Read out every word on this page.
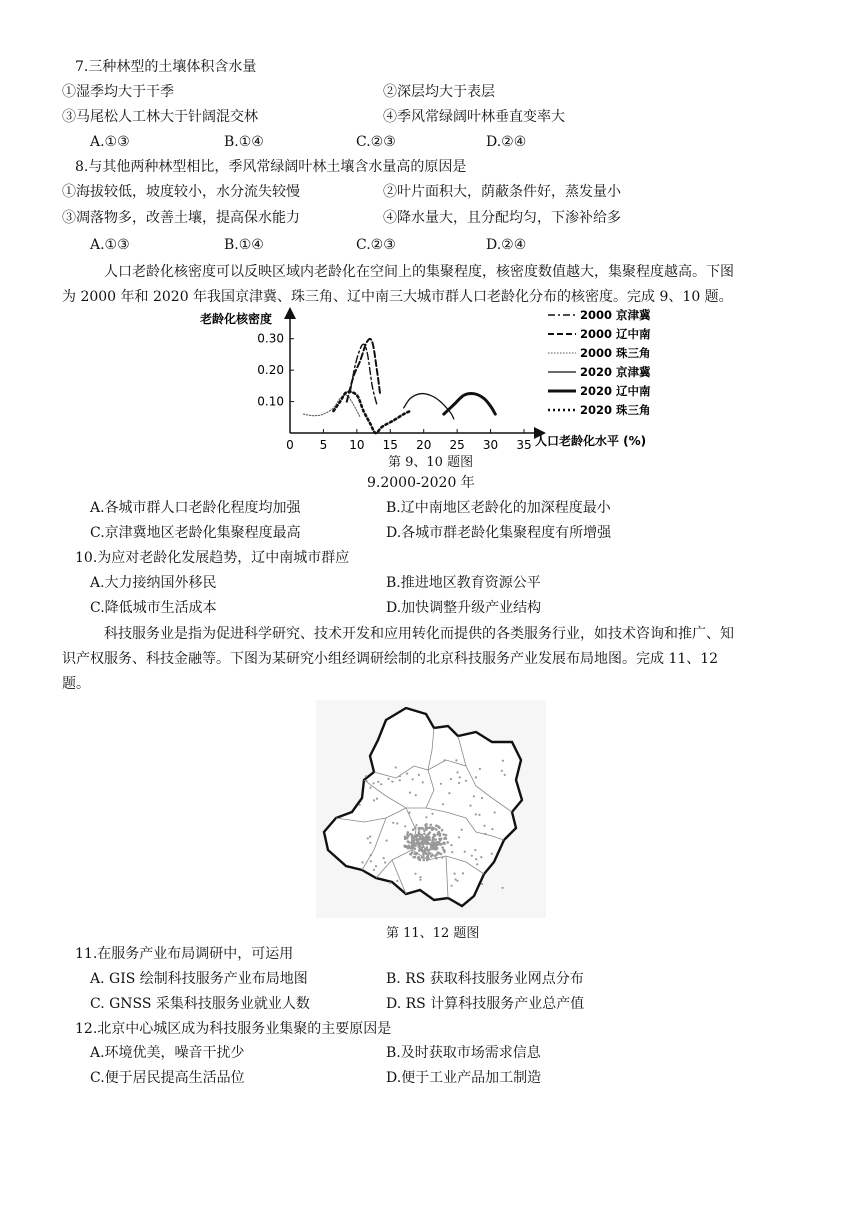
7.三种林型的土壤体积含水量
①湿季均大于干季	②深层均大于表层
③马尾松人工林大于针阔混交林	④季风常绿阔叶林垂直变率大
A.①③	B.①④	C.②③	D.②④
8.与其他两种林型相比，季风常绿阔叶林土壤含水量高的原因是
①海拔较低，坡度较小，水分流失较慢	②叶片面积大，荫蔽条件好，蒸发量小
③凋落物多，改善土壤，提高保水能力	④降水量大，且分配均匀，下渗补给多
A.①③	B.①④	C.②③	D.②④
人口老龄化核密度可以反映区域内老龄化在空间上的集聚程度，核密度数值越大，集聚程度越高。下图
为 2000 年和 2020 年我国京津冀、珠三角、辽中南三大城市群人口老龄化分布的核密度。完成 9、10 题。
0 5 10 15 20 25 30 35
0.10
0.20
0.30
2000 京津冀
2000 辽中南
2000 珠三角
2020 京津冀
2020 辽中南
2020 珠三角
老龄化核密度
人口老龄化水平 (%)
第 9、10 题图
9.2000-2020 年
A.各城市群人口老龄化程度均加强	B.辽中南地区老龄化的加深程度最小
C.京津冀地区老龄化集聚程度最高	D.各城市群老龄化集聚程度有所增强
10.为应对老龄化发展趋势，辽中南城市群应
A.大力接纳国外移民	B.推进地区教育资源公平
C.降低城市生活成本	D.加快调整升级产业结构
科技服务业是指为促进科学研究、技术开发和应用转化而提供的各类服务行业，如技术咨询和推广、知
识产权服务、科技金融等。下图为某研究小组经调研绘制的北京科技服务产业发展布局地图。完成 11、12
题。
第 11、12 题图
11.在服务产业布局调研中，可运用
A. GIS 绘制科技服务产业布局地图	B. RS 获取科技服务业网点分布
C. GNSS 采集科技服务业就业人数	D. RS 计算科技服务产业总产值
12.北京中心城区成为科技服务业集聚的主要原因是
A.环境优美，噪音干扰少	B.及时获取市场需求信息
C.便于居民提高生活品位	D.便于工业产品加工制造
